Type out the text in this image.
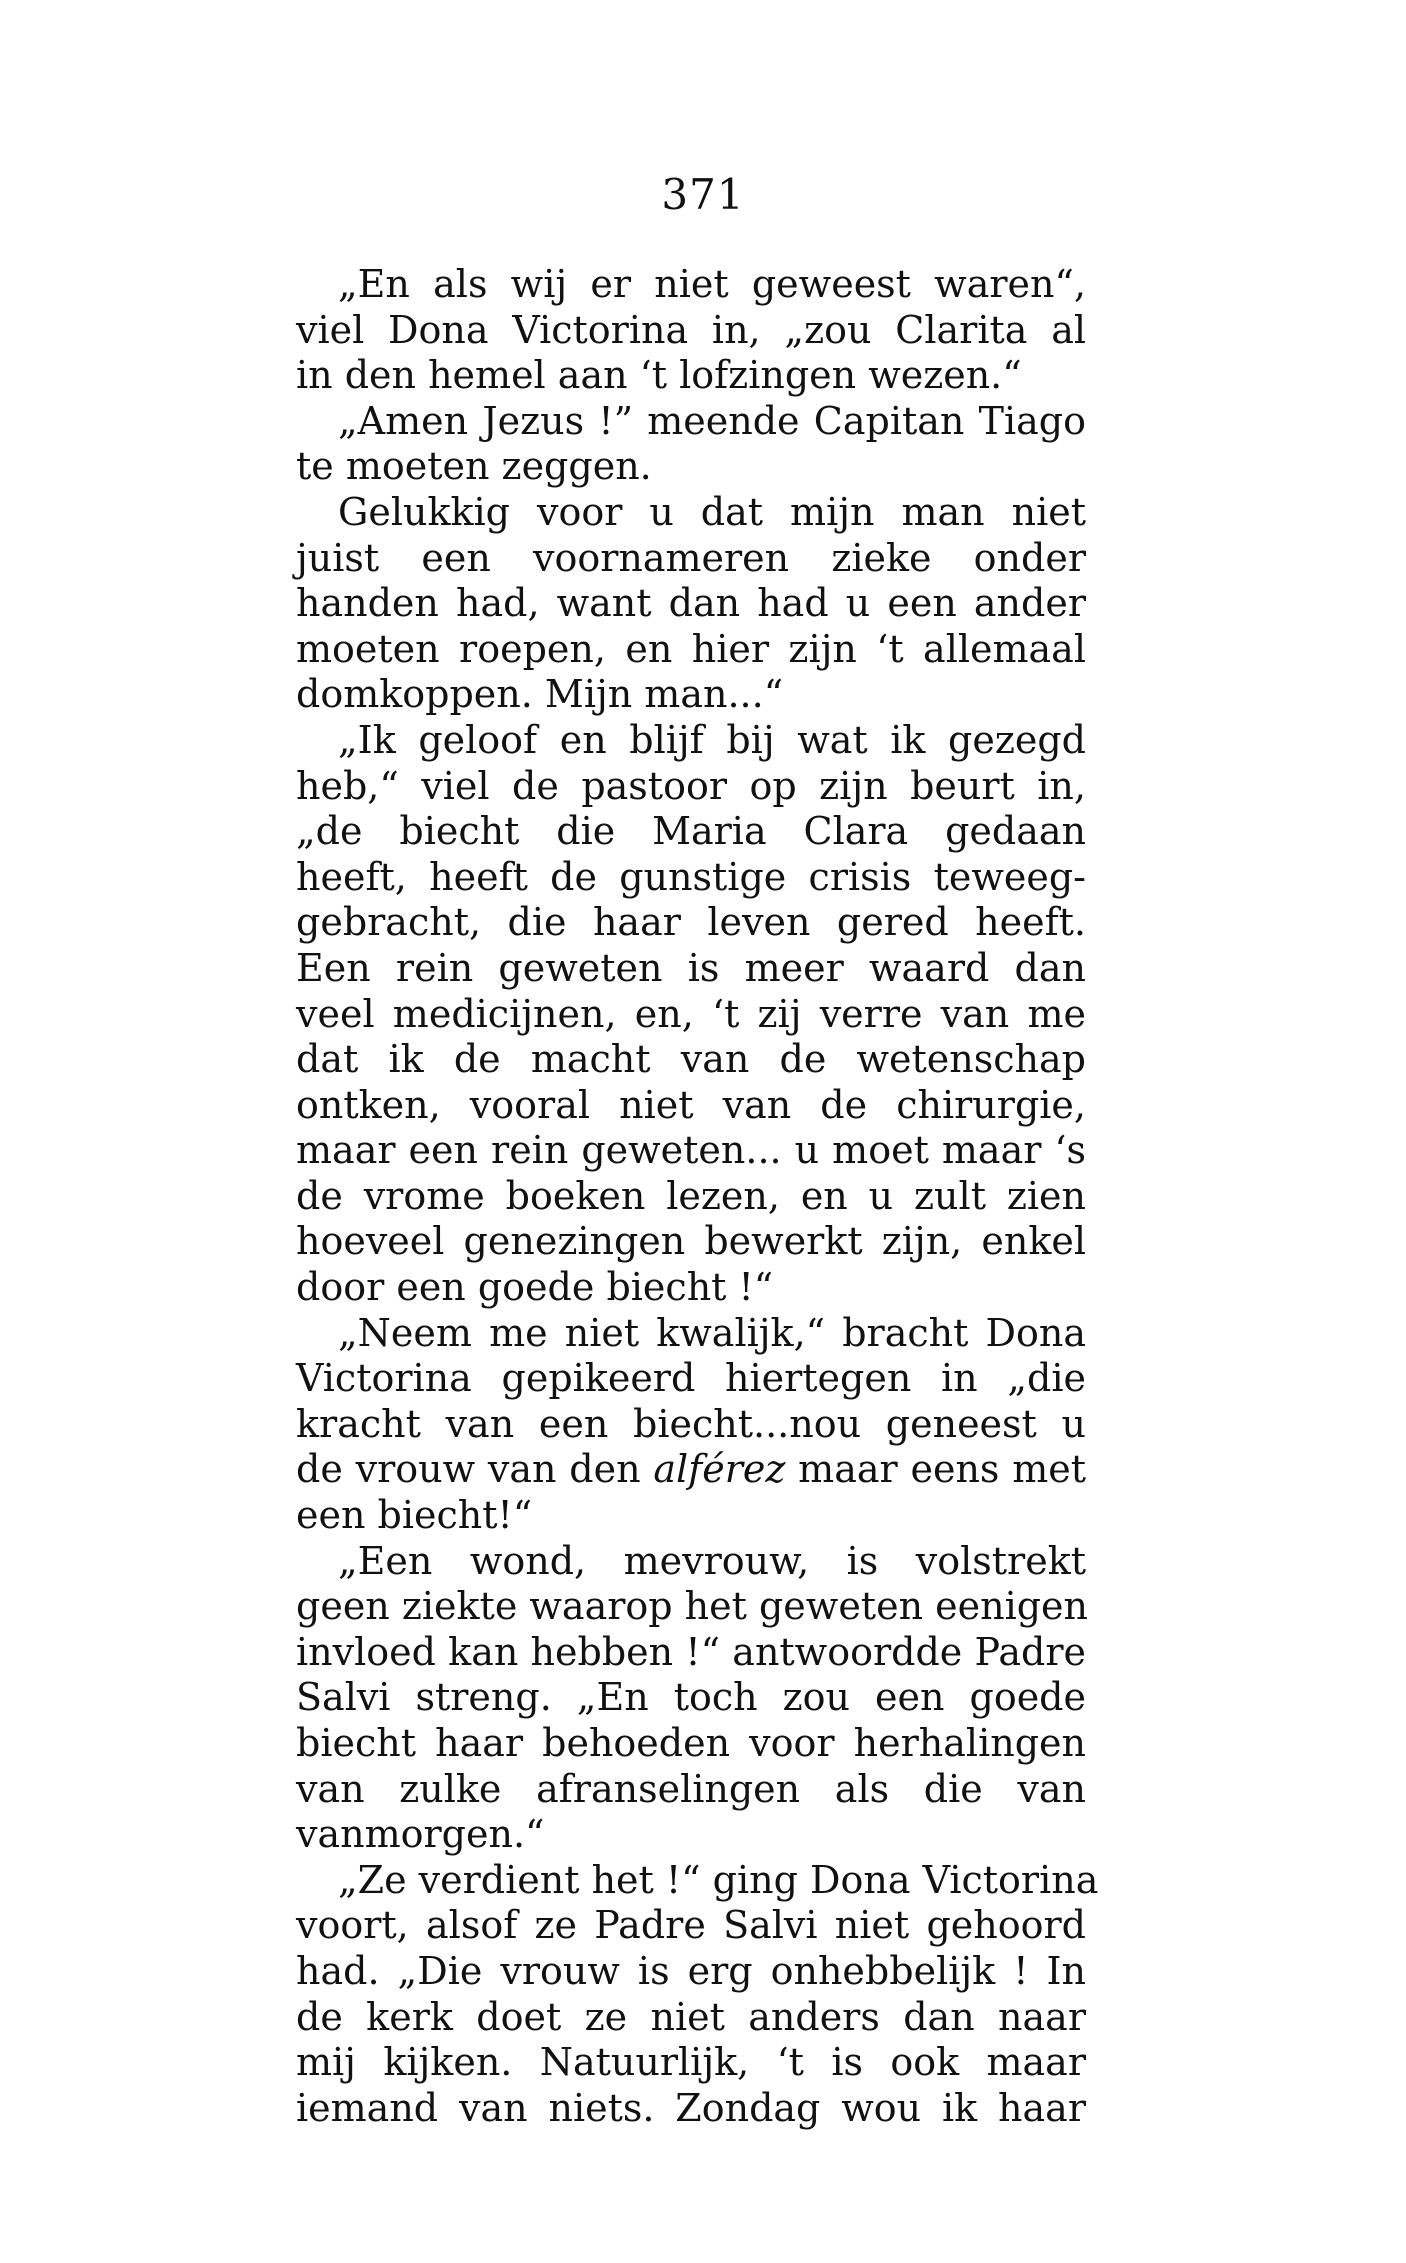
371
„En als wij er niet geweest waren“,
viel Dona Victorina in, „zou Clarita al
in den hemel aan ‘t lofzingen wezen.“
„Amen Jezus !” meende Capitan Tiago
te moeten zeggen.
Gelukkig voor u dat mijn man niet
juist een voornameren zieke onder
handen had, want dan had u een ander
moeten roepen, en hier zijn ‘t allemaal
domkoppen. Mijn man...“
„Ik geloof en blijf bij wat ik gezegd
heb,“ viel de pastoor op zijn beurt in,
„de biecht die Maria Clara gedaan
heeft, heeft de gunstige crisis teweeg-
gebracht, die haar leven gered heeft.
Een rein geweten is meer waard dan
veel medicijnen, en, ‘t zij verre van me
dat ik de macht van de wetenschap
ontken, vooral niet van de chirurgie,
maar een rein geweten... u moet maar ‘s
de vrome boeken lezen, en u zult zien
hoeveel genezingen bewerkt zijn, enkel
door een goede biecht !“
„Neem me niet kwalijk,“ bracht Dona
Victorina gepikeerd hiertegen in „die
kracht van een biecht...nou geneest u
de vrouw van den alférez maar eens met
een biecht!“
„Een wond, mevrouw, is volstrekt
geen ziekte waarop het geweten eenigen
invloed kan hebben !“ antwoordde Padre
Salvi streng. „En toch zou een goede
biecht haar behoeden voor herhalingen
van zulke afranselingen als die van
vanmorgen.“
„Ze verdient het !“ ging Dona Victorina
voort, alsof ze Padre Salvi niet gehoord
had. „Die vrouw is erg onhebbelijk ! In
de kerk doet ze niet anders dan naar
mij kijken. Natuurlijk, ‘t is ook maar
iemand van niets. Zondag wou ik haar
